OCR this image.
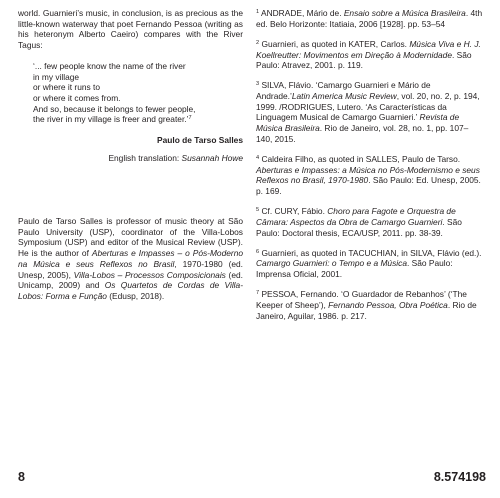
world. Guarnieri’s music, in conclusion, is as precious as the little-known waterway that poet Fernando Pessoa (writing as his heteronym Alberto Caeiro) compares with the River Tagus:

‘... few people know the name of the river
in my village
or where it runs to
or where it comes from.
And so, because it belongs to fewer people,
the river in my village is freer and greater.’$^7$

Paulo de Tarso Salles

English translation: Susannah Howe

Paulo de Tarso Salles is professor of music theory at São Paulo University (USP), coordinator of the Villa-Lobos Symposium (USP) and editor of the Musical Review (USP). He is the author of Aberturas e Impasses – o Pós-Moderno na Música e seus Reflexos no Brasil, 1970-1980 (ed. Unesp, 2005), Villa-Lobos – Processos Composicionais (ed. Unicamp, 2009) and Os Quartetos de Cordas de Villa-Lobos: Forma e Função (Edusp, 2018).

$^1$ ANDRADE, Mário de. Ensaio sobre a Música Brasileira. 4th ed. Belo Horizonte: Itatiaia, 2006 [1928]. pp. 53–54

$^2$ Guarnieri, as quoted in KATER, Carlos. Música Viva e H. J. Koellreutter: Movimentos em Direção à Modernidade. São Paulo: Atravez, 2001. p. 119.

$^3$ SILVA, Flávio. ‘Camargo Guarnieri e Mário de Andrade.’Latin America Music Review, vol. 20, no. 2, p. 194, 1999. /RODRIGUES, Lutero. ‘As Características da Linguagem Musical de Camargo Guarnieri.’ Revista de Música Brasileira. Rio de Janeiro, vol. 28, no. 1, pp. 107–140, 2015.

$^4$ Caldeira Filho, as quoted in SALLES, Paulo de Tarso. Aberturas e Impasses: a Música no Pós-Modernismo e seus Reflexos no Brasil, 1970-1980. São Paulo: Ed. Unesp, 2005. p. 169.

$^5$ Cf. CURY, Fábio. Choro para Fagote e Orquestra de Câmara: Aspectos da Obra de Camargo Guarnieri. São Paulo: Doctoral thesis, ECA/USP, 2011. pp. 38-39.

$^6$ Guarnieri, as quoted in TACUCHIAN, in SILVA, Flávio (ed.). Camargo Guarnieri: o Tempo e a Música. São Paulo: Imprensa Oficial, 2001.

$^7$ PESSOA, Fernando. ‘O Guardador de Rebanhos’ (‘The Keeper of Sheep’), Fernando Pessoa, Obra Poética. Rio de Janeiro, Aguilar, 1986. p. 217.

8	8.574198
